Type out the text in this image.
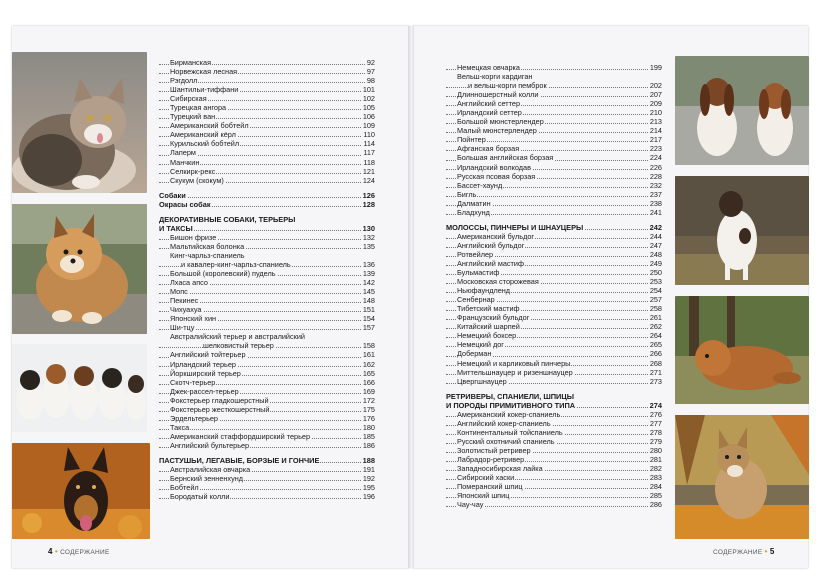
Бирманская	92
Норвежская лесная	97
Рэгдолл	98
Шантильи-тиффани	101
Сибирская	102
Турецкая ангора	105
Турецкий ван	106
Американский бобтейл	109
Американский кёрл	110
Курильский бобтейл	114
Лаперм	117
Манчкин	118
Селкирк-рекс	121
Скукум (скокум)	124
Собаки	126
Окрасы собак	128
ДЕКОРАТИВНЫЕ СОБАКИ, ТЕРЬЕРЫ
И ТАКСЫ	130
Бишон фризе	132
Мальтийская болонка	135
Кинг-чарльз-спаниель
и кавалер-кинг-чарльз-спаниель	136
Большой (королевский) пудель	139
Лхаса апсо	142
Мопс	145
Пекинес	148
Чихуахуа	151
Японский хин	154
Ши-тцу	157
Австралийский терьер и австралийский
шелковистый терьер	158
Английский тойтерьер	161
Ирландский терьер	162
Йоркширский терьер	165
Скотч-терьер	166
Джек-рассел-терьер	169
Фокстерьер гладкошерстный	172
Фокстерьер жесткошерстный	175
Эрдельтерьер	176
Такса	180
Американский стаффордширский терьер	185
Английский бультерьер	186
ПАСТУШЬИ, ЛЕГАВЫЕ, БОРЗЫЕ И ГОНЧИЕ	188
Австралийская овчарка	191
Бернский зенненхунд	192
Бобтейл	195
Бородатый колли	196
Немецкая овчарка	199
Вельш-корги кардиган
и вельш-корги пемброк	202
Длинношерстный колли	207
Английский сеттер	209
Ирландский сеттер	210
Большой мюнстерлендер	213
Малый мюнстерлендер	214
Пойнтер	217
Афганская борзая	223
Большая английская борзая	224
Ирландский волкодав	226
Русская псовая борзая	228
Бассет-хаунд	232
Бигль	237
Далматин	238
Бладхунд	241
МОЛОССЫ, ПИНЧЕРЫ И ШНАУЦЕРЫ	242
Американский бульдог	244
Английский бульдог	247
Ротвейлер	248
Английский мастиф	249
Бульмастиф	250
Московская сторожевая	253
Ньюфаундленд	254
Сенбернар	257
Тибетский мастиф	258
Французский бульдог	261
Китайский шарпей	262
Немецкий боксер	264
Немецкий дог	265
Доберман	266
Немецкий и карликовый пинчеры	268
Миттельшнауцер и ризеншнауцер	271
Цвергшнауцер	273
РЕТРИВЕРЫ, СПАНИЕЛИ, ШПИЦЫ
И ПОРОДЫ ПРИМИТИВНОГО ТИПА	274
Американский кокер-спаниель	276
Английский кокер-спаниель	277
Континентальный тойспаниель	278
Русский охотничий спаниель	279
Золотистый ретривер	280
Лабрадор-ретривер	281
Западносибирская лайка	282
Сибирский хаски	283
Померанский шпиц	284
Японский шпиц	285
Чау-чау	286
4 • СОДЕРЖАНИЕ	СОДЕРЖАНИЕ • 5
